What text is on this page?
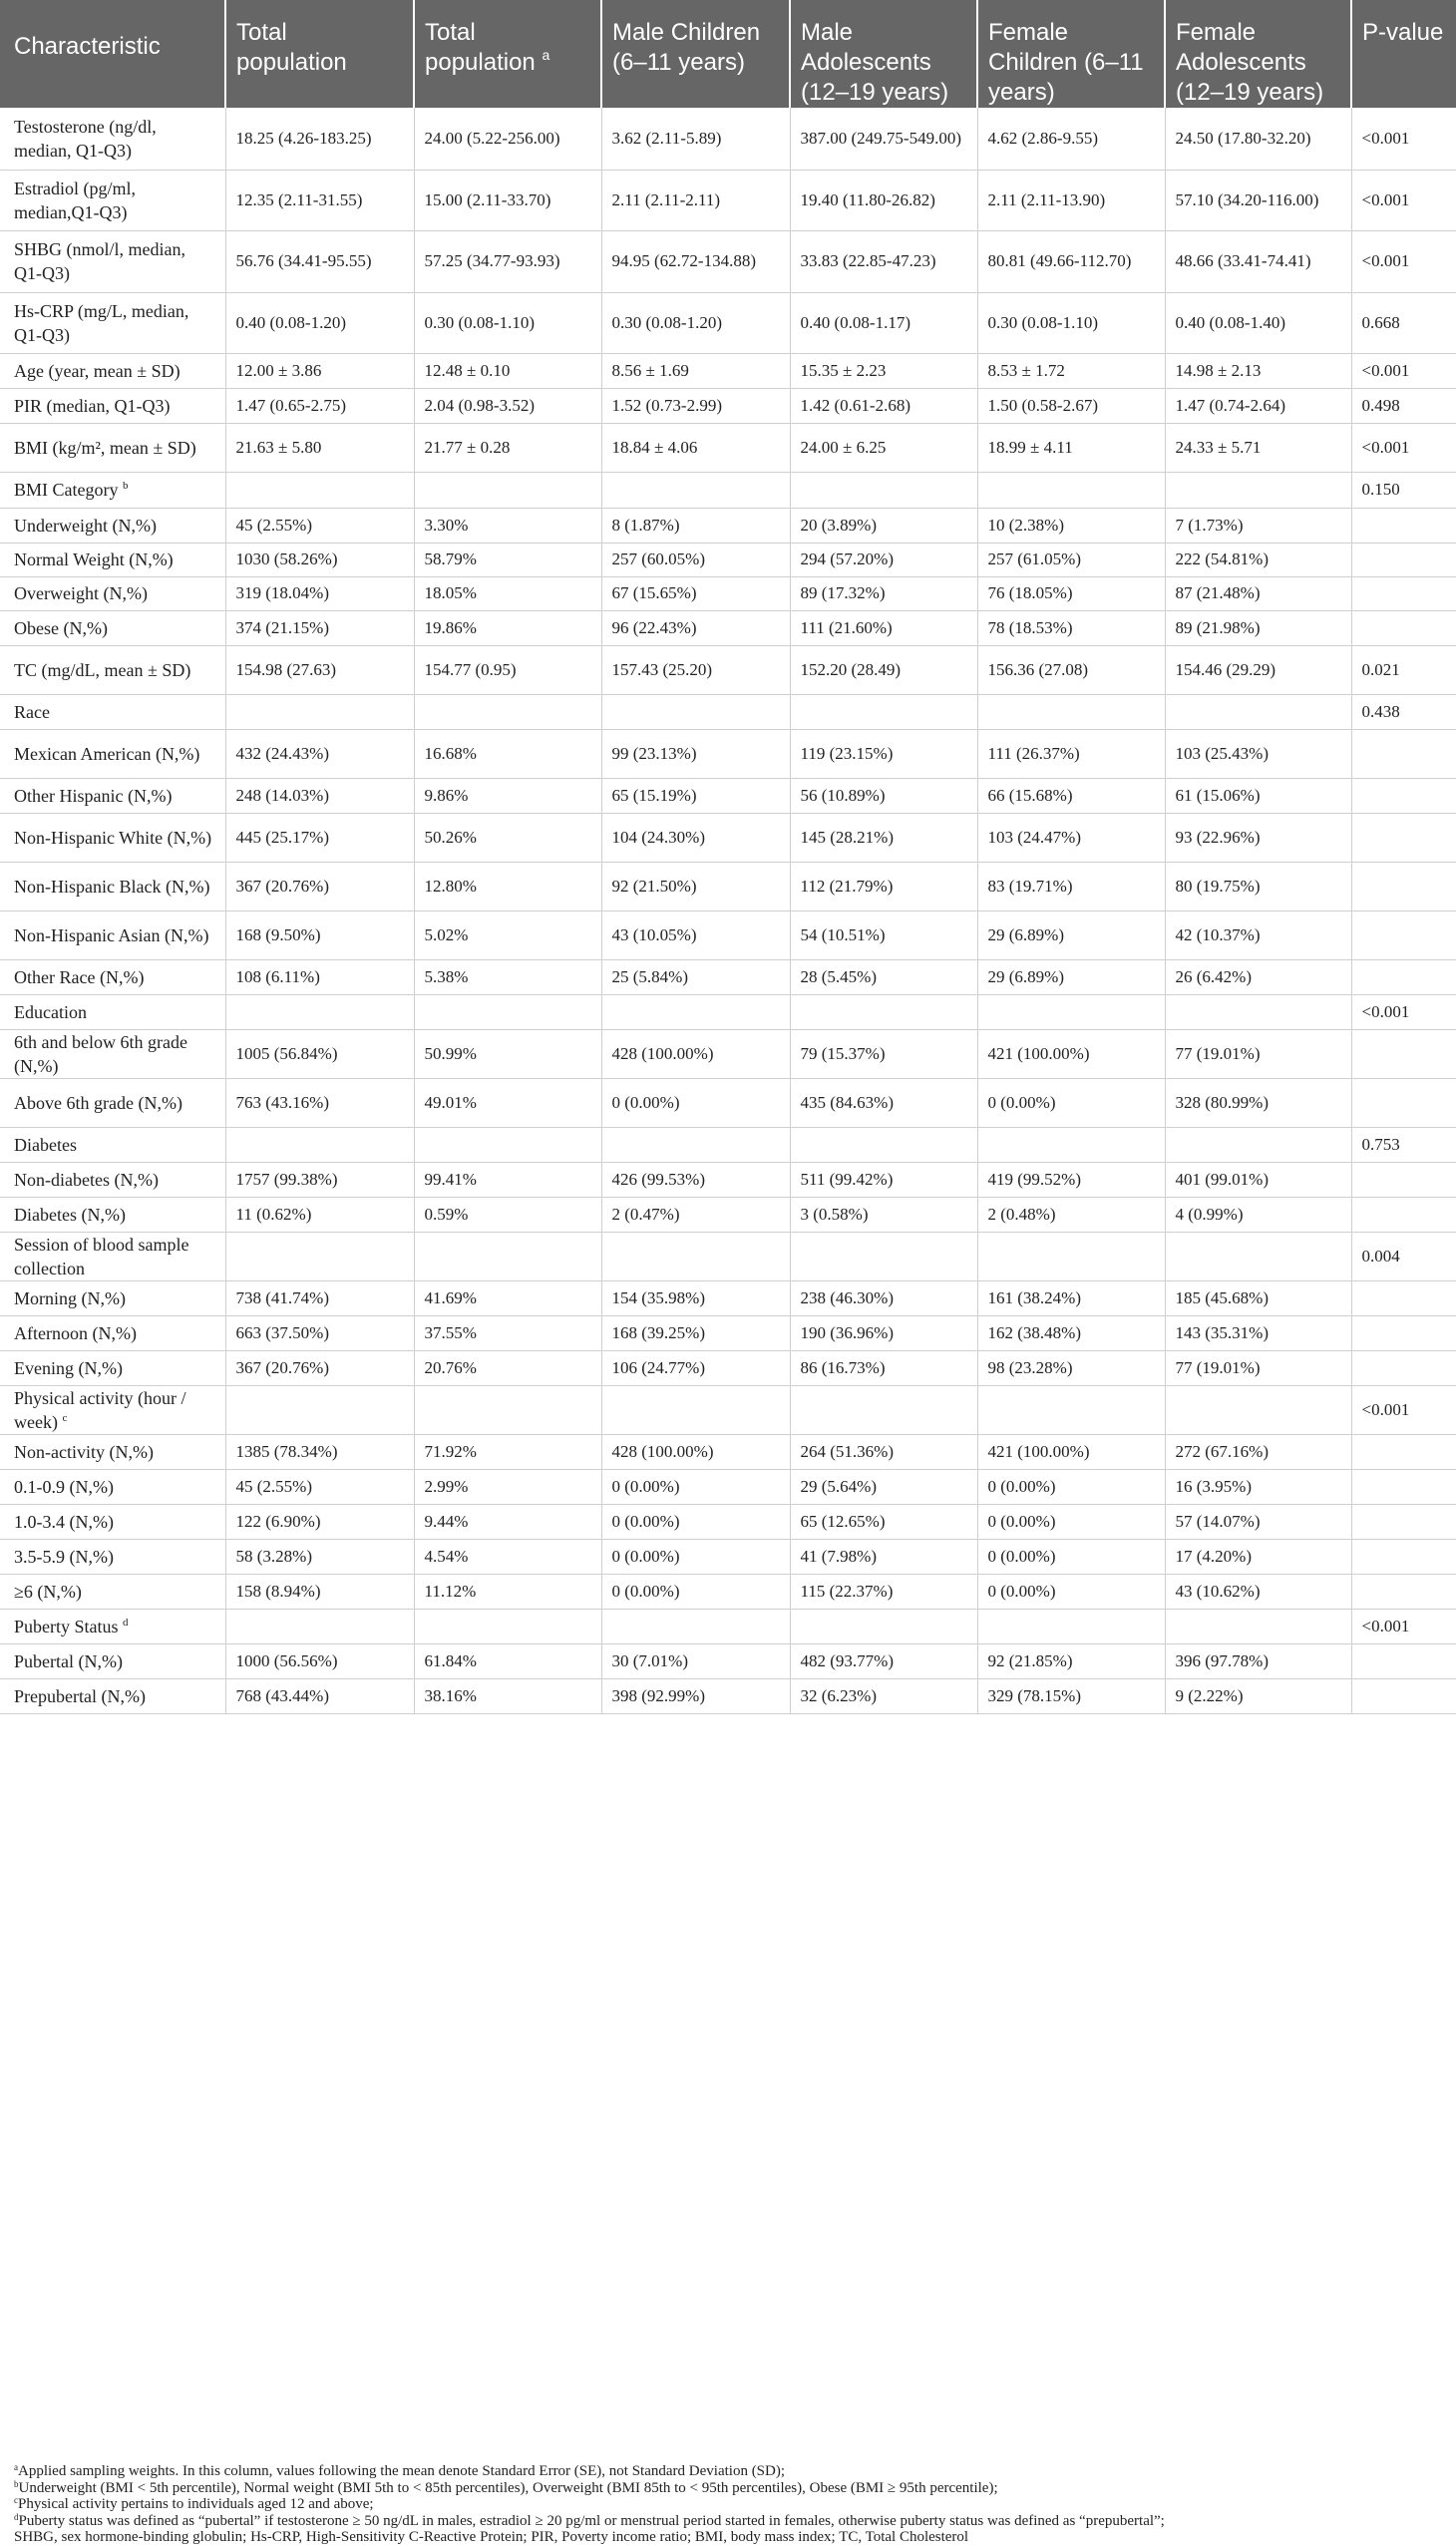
Characteristic	Total population	Total population $^a$	Male Children (6–11 years)	Male Adolescents (12–19 years)	Female Children (6–11 years)	Female Adolescents (12–19 years)	P-value
Testosterone (ng/dl, median, Q1-Q3)	18.25 (4.26-183.25)	24.00 (5.22-256.00)	3.62 (2.11-5.89)	387.00 (249.75-549.00)	4.62 (2.86-9.55)	24.50 (17.80-32.20)	<0.001
Estradiol (pg/ml, median,Q1-Q3)	12.35 (2.11-31.55)	15.00 (2.11-33.70)	2.11 (2.11-2.11)	19.40 (11.80-26.82)	2.11 (2.11-13.90)	57.10 (34.20-116.00)	<0.001
SHBG (nmol/l, median, Q1-Q3)	56.76 (34.41-95.55)	57.25 (34.77-93.93)	94.95 (62.72-134.88)	33.83 (22.85-47.23)	80.81 (49.66-112.70)	48.66 (33.41-74.41)	<0.001
Hs-CRP (mg/L, median, Q1-Q3)	0.40 (0.08-1.20)	0.30 (0.08-1.10)	0.30 (0.08-1.20)	0.40 (0.08-1.17)	0.30 (0.08-1.10)	0.40 (0.08-1.40)	0.668
Age (year, mean ± SD)	12.00 ± 3.86	12.48 ± 0.10	8.56 ± 1.69	15.35 ± 2.23	8.53 ± 1.72	14.98 ± 2.13	<0.001
PIR (median, Q1-Q3)	1.47 (0.65-2.75)	2.04 (0.98-3.52)	1.52 (0.73-2.99)	1.42 (0.61-2.68)	1.50 (0.58-2.67)	1.47 (0.74-2.64)	0.498
BMI (kg/m², mean ± SD)	21.63 ± 5.80	21.77 ± 0.28	18.84 ± 4.06	24.00 ± 6.25	18.99 ± 4.11	24.33 ± 5.71	<0.001
BMI Category $^b$							0.150
Underweight (N,%)	45 (2.55%)	3.30%	8 (1.87%)	20 (3.89%)	10 (2.38%)	7 (1.73%)	
Normal Weight (N,%)	1030 (58.26%)	58.79%	257 (60.05%)	294 (57.20%)	257 (61.05%)	222 (54.81%)	
Overweight (N,%)	319 (18.04%)	18.05%	67 (15.65%)	89 (17.32%)	76 (18.05%)	87 (21.48%)	
Obese (N,%)	374 (21.15%)	19.86%	96 (22.43%)	111 (21.60%)	78 (18.53%)	89 (21.98%)	
TC (mg/dL, mean ± SD)	154.98 (27.63)	154.77 (0.95)	157.43 (25.20)	152.20 (28.49)	156.36 (27.08)	154.46 (29.29)	0.021
Race							0.438
Mexican American (N,%)	432 (24.43%)	16.68%	99 (23.13%)	119 (23.15%)	111 (26.37%)	103 (25.43%)	
Other Hispanic (N,%)	248 (14.03%)	9.86%	65 (15.19%)	56 (10.89%)	66 (15.68%)	61 (15.06%)	
Non-Hispanic White (N,%)	445 (25.17%)	50.26%	104 (24.30%)	145 (28.21%)	103 (24.47%)	93 (22.96%)	
Non-Hispanic Black (N,%)	367 (20.76%)	12.80%	92 (21.50%)	112 (21.79%)	83 (19.71%)	80 (19.75%)	
Non-Hispanic Asian (N,%)	168 (9.50%)	5.02%	43 (10.05%)	54 (10.51%)	29 (6.89%)	42 (10.37%)	
Other Race (N,%)	108 (6.11%)	5.38%	25 (5.84%)	28 (5.45%)	29 (6.89%)	26 (6.42%)	
Education							<0.001
6th and below 6th grade (N,%)	1005 (56.84%)	50.99%	428 (100.00%)	79 (15.37%)	421 (100.00%)	77 (19.01%)	
Above 6th grade (N,%)	763 (43.16%)	49.01%	0 (0.00%)	435 (84.63%)	0 (0.00%)	328 (80.99%)	
Diabetes							0.753
Non-diabetes (N,%)	1757 (99.38%)	99.41%	426 (99.53%)	511 (99.42%)	419 (99.52%)	401 (99.01%)	
Diabetes (N,%)	11 (0.62%)	0.59%	2 (0.47%)	3 (0.58%)	2 (0.48%)	4 (0.99%)	
Session of blood sample collection							0.004
Morning (N,%)	738 (41.74%)	41.69%	154 (35.98%)	238 (46.30%)	161 (38.24%)	185 (45.68%)	
Afternoon (N,%)	663 (37.50%)	37.55%	168 (39.25%)	190 (36.96%)	162 (38.48%)	143 (35.31%)	
Evening (N,%)	367 (20.76%)	20.76%	106 (24.77%)	86 (16.73%)	98 (23.28%)	77 (19.01%)	
Physical activity (hour / week) $^c$							<0.001
Non-activity (N,%)	1385 (78.34%)	71.92%	428 (100.00%)	264 (51.36%)	421 (100.00%)	272 (67.16%)	
0.1-0.9 (N,%)	45 (2.55%)	2.99%	0 (0.00%)	29 (5.64%)	0 (0.00%)	16 (3.95%)	
1.0-3.4 (N,%)	122 (6.90%)	9.44%	0 (0.00%)	65 (12.65%)	0 (0.00%)	57 (14.07%)	
3.5-5.9 (N,%)	58 (3.28%)	4.54%	0 (0.00%)	41 (7.98%)	0 (0.00%)	17 (4.20%)	
≥6 (N,%)	158 (8.94%)	11.12%	0 (0.00%)	115 (22.37%)	0 (0.00%)	43 (10.62%)	
Puberty Status $^d$							<0.001
Pubertal (N,%)	1000 (56.56%)	61.84%	30 (7.01%)	482 (93.77%)	92 (21.85%)	396 (97.78%)	
Prepubertal (N,%)	768 (43.44%)	38.16%	398 (92.99%)	32 (6.23%)	329 (78.15%)	9 (2.22%)	
$^a$Applied sampling weights. In this column, values following the mean denote Standard Error (SE), not Standard Deviation (SD);
$^b$Underweight (BMI < 5th percentile), Normal weight (BMI 5th to < 85th percentiles), Overweight (BMI 85th to < 95th percentiles), Obese (BMI ≥ 95th percentile);
$^c$Physical activity pertains to individuals aged 12 and above;
$^d$Puberty status was defined as “pubertal” if testosterone ≥ 50 ng/dL in males, estradiol ≥ 20 pg/ml or menstrual period started in females, otherwise puberty status was defined as “prepubertal”;
SHBG, sex hormone-binding globulin; Hs-CRP, High-Sensitivity C-Reactive Protein; PIR, Poverty income ratio; BMI, body mass index; TC, Total Cholesterol
